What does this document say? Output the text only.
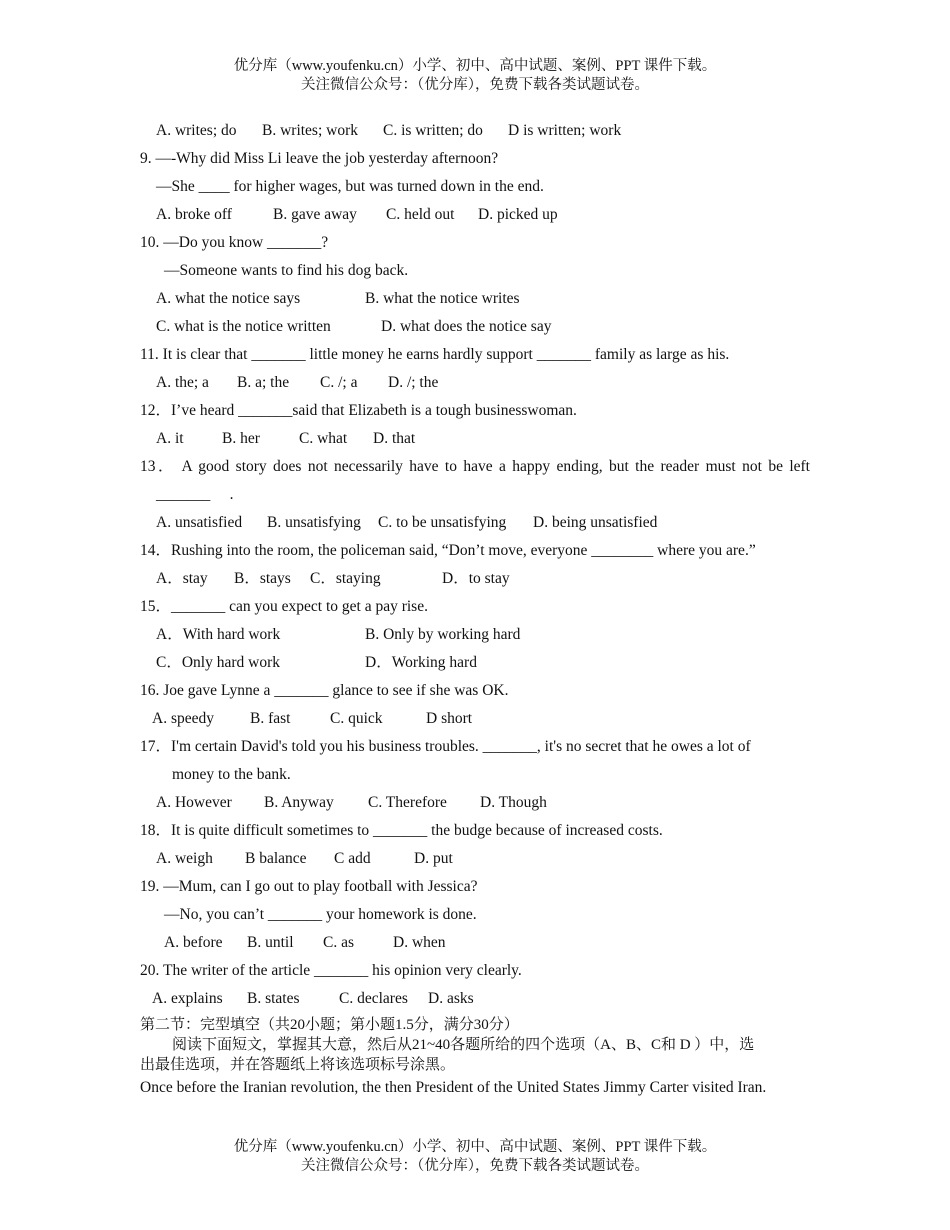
优分库（www.youfenku.cn）小学、初中、高中试题、案例、PPT 课件下载。
关注微信公众号：（优分库），免费下载各类试题试卷。
A. writes; do B. writes; work C. is written; do D is written; work
9. —-Why did Miss Li leave the job yesterday afternoon?
—She ____ for higher wages, but was turned down in the end.
A. broke off	B. gave away C. held out D. picked up
10. —Do you know _______?
—Someone wants to find his dog back.
A. what the notice says	B. what the notice writes
C. what is the notice written	D. what does the notice say
11. It is clear that _______ little money he earns hardly support _______ family as large as his.
A. the; a B. a; the C. /; a D. /; the
12．I’ve heard _______said that Elizabeth is a tough businesswoman.
A. it B. her	C. what D. that
13． A good story does not necessarily have to have a happy ending, but the reader must not be left
_______　 .
A. unsatisfied B. unsatisfying C. to be unsatisfying D. being unsatisfied
14．Rushing into the room, the policeman said, “Don’t move, everyone ________ where you are.”
A．stay B．stays C．staying	D．to stay
15．_______ can you expect to get a pay rise.
A．With hard work	B. Only by working hard
C．Only hard work	D．Working hard
16. Joe gave Lynne a _______ glance to see if she was OK.
A. speedy B. fast	C. quick	D short
17．I'm certain David's told you his business troubles. _______, it's no secret that he owes a lot of
money to the bank.
A. However B. Anyway C. Therefore D. Though
18．It is quite difficult sometimes to _______ the budge because of increased costs.
A. weigh B balance C add	D. put
19. —Mum, can I go out to play football with Jessica?
—No, you can’t _______ your homework is done.
A. before B. until C. as	D. when
20. The writer of the article _______ his opinion very clearly.
A. explains B. states	C. declares D. asks
第二节：完型填空（共20小题；第小题1.5分，满分30分）
阅读下面短文，掌握其大意，然后从21~40各题所给的四个选项（A、B、C和 D ）中，选
出最佳选项，并在答题纸上将该选项标号涂黑。
Once before the Iranian revolution, the then President of the United States Jimmy Carter visited Iran.
优分库（www.youfenku.cn）小学、初中、高中试题、案例、PPT 课件下载。
关注微信公众号：（优分库），免费下载各类试题试卷。
